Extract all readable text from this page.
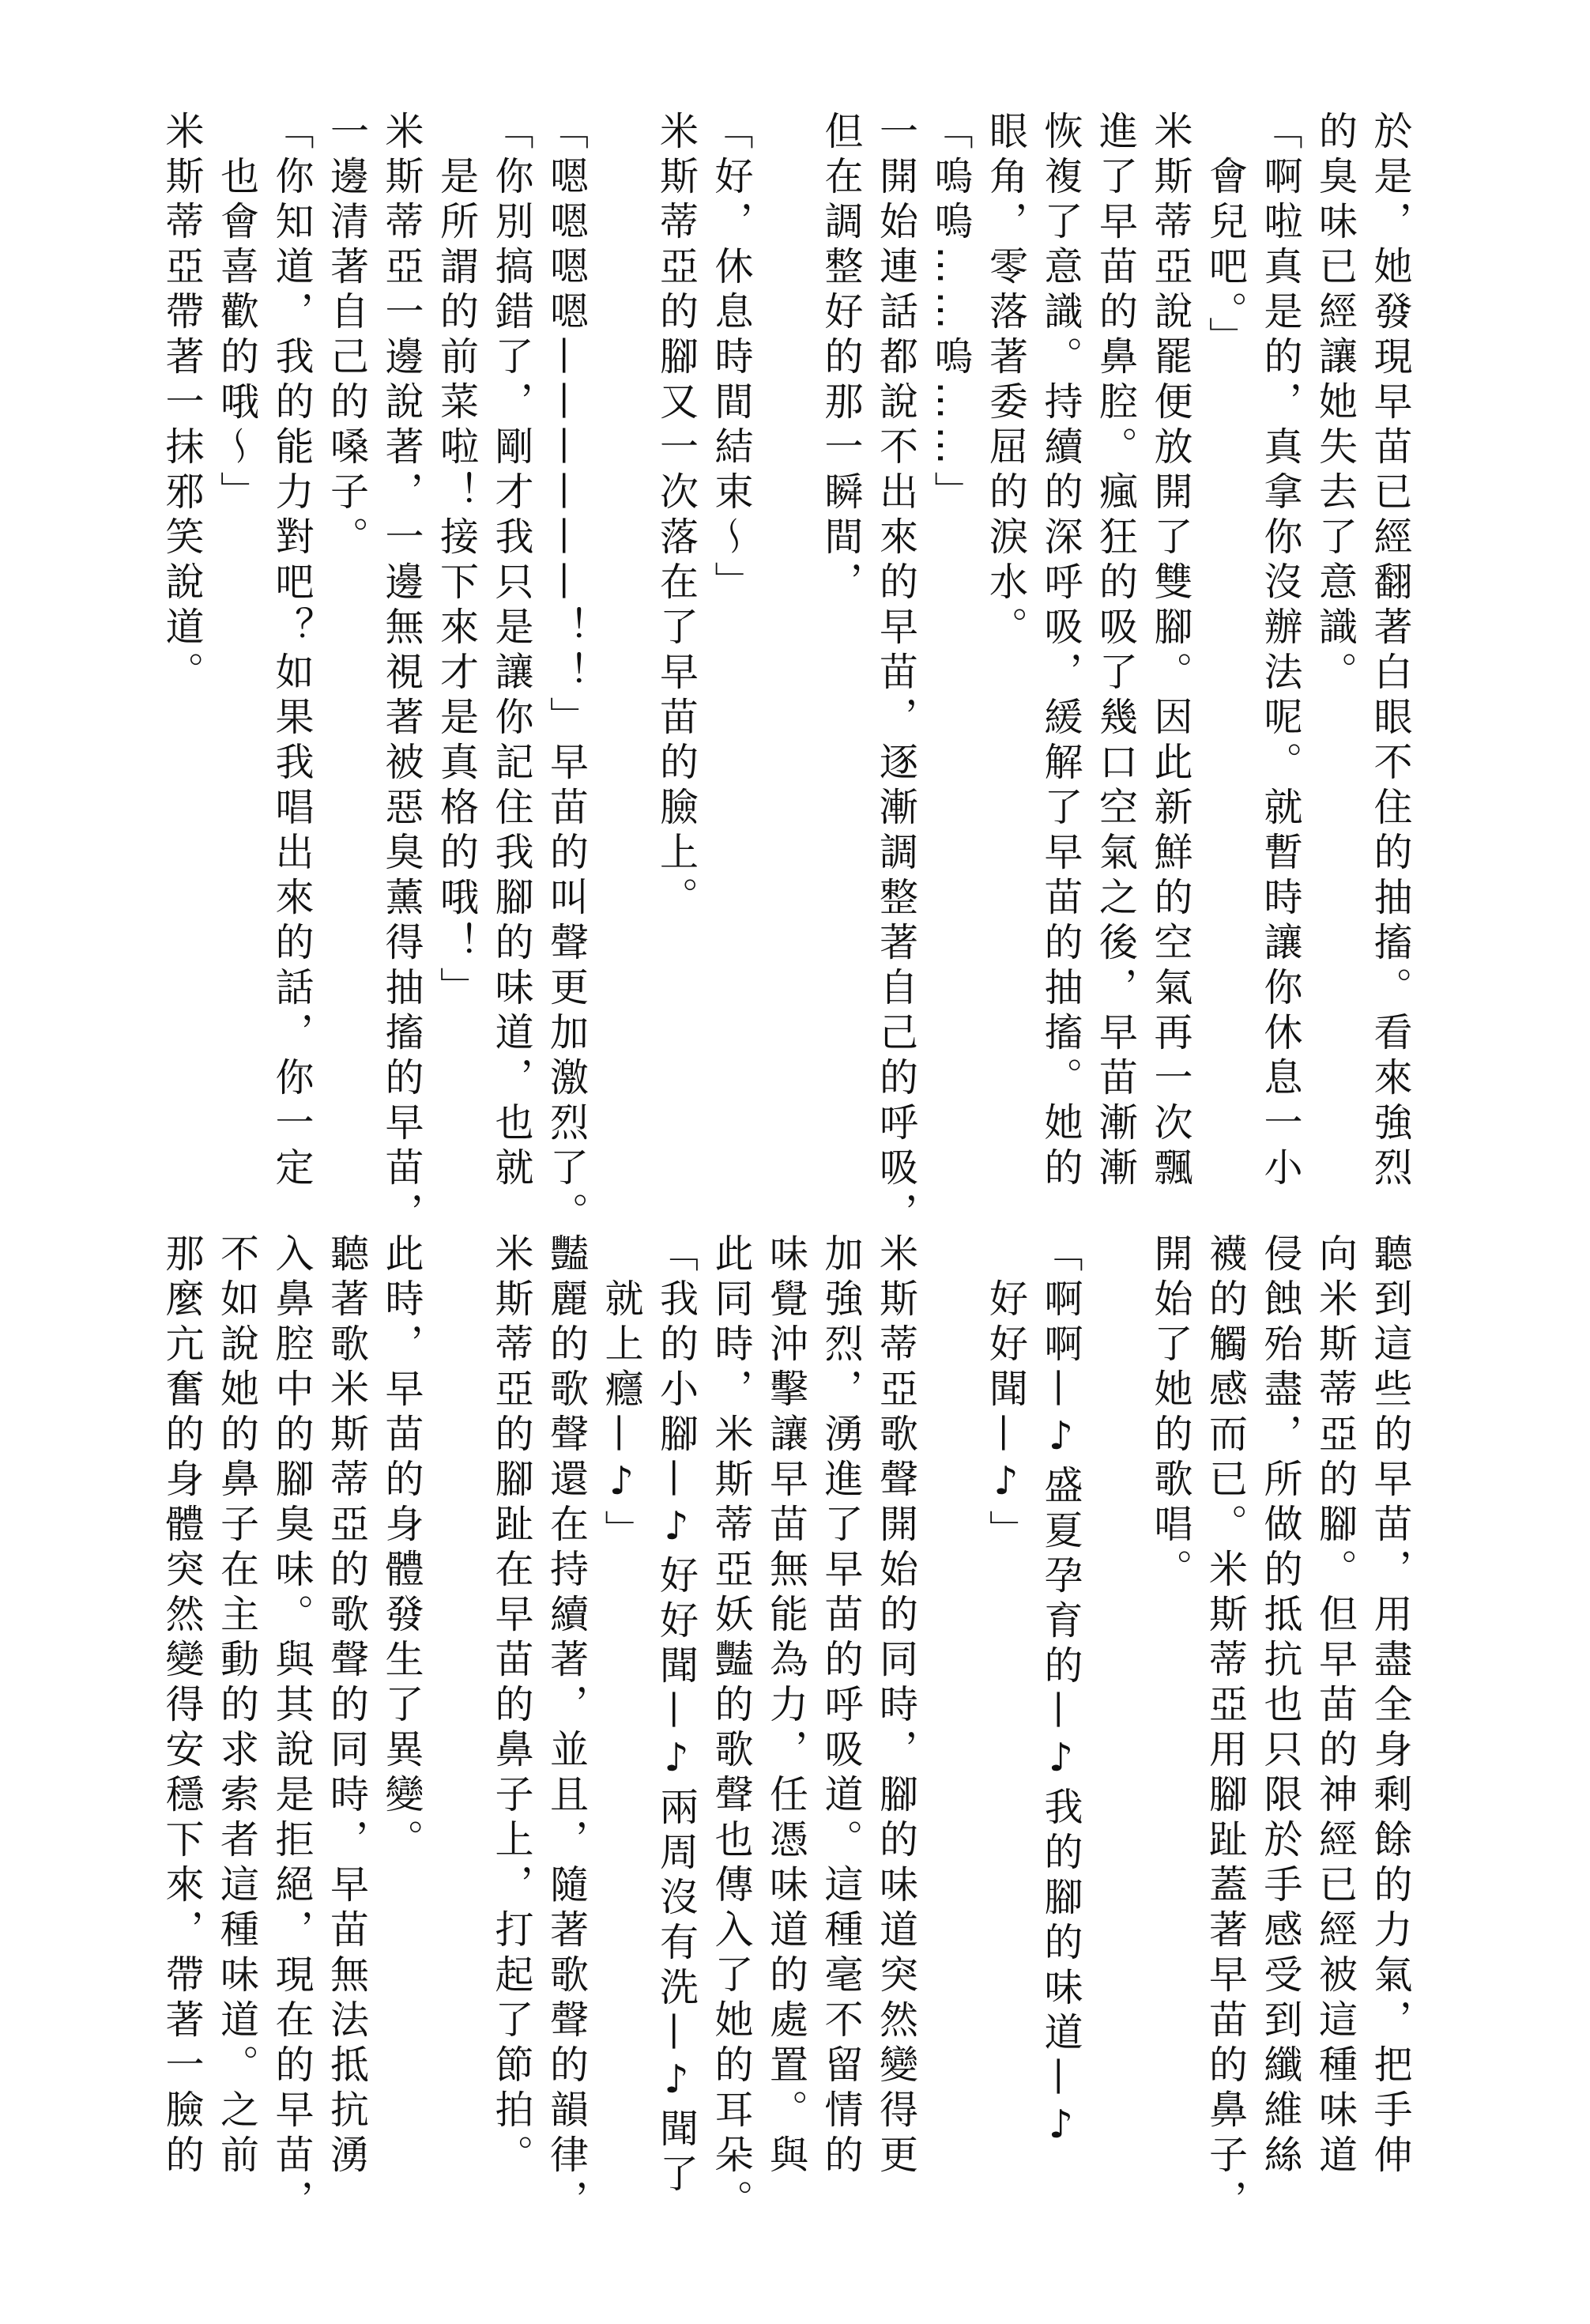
於是，她發現早苗已經翻著白眼不住的抽搐。看來強烈
的臭味已經讓她失去了意識。
「啊啦真是的，真拿你沒辦法呢。就暫時讓你休息一小
　會兒吧。」
米斯蒂亞說罷便放開了雙腳。因此新鮮的空氣再一次飄
進了早苗的鼻腔。瘋狂的吸了幾口空氣之後，早苗漸漸
恢複了意識。持續的深呼吸，緩解了早苗的抽搐。她的
眼角，零落著委屈的淚水。
「嗚嗚……嗚……」
一開始連話都說不出來的早苗，逐漸調整著自己的呼吸，
但在調整好的那一瞬間，
「好，休息時間結束～」
米斯蒂亞的腳又一次落在了早苗的臉上。
「嗯嗯嗯嗯——————！！」早苗的叫聲更加激烈了。
「你別搞錯了，剛才我只是讓你記住我腳的味道，也就
　是所謂的前菜啦！接下來才是真格的哦！」
米斯蒂亞一邊說著，一邊無視著被惡臭薰得抽搐的早苗，
一邊清著自己的嗓子。
「你知道，我的能力對吧？如果我唱出來的話，你一定
　也會喜歡的哦～」
米斯蒂亞帶著一抹邪笑說道。
聽到這些的早苗，用盡全身剩餘的力氣，把手伸
向米斯蒂亞的腳。但早苗的神經已經被這種味道
侵蝕殆盡，所做的抵抗也只限於手感受到纖維絲
襪的觸感而已。米斯蒂亞用腳趾蓋著早苗的鼻子，
開始了她的歌唱。
「啊啊—♪盛夏孕育的—♪我的腳的味道—♪
　好好聞—♪」
米斯蒂亞歌聲開始的同時，腳的味道突然變得更
加強烈，湧進了早苗的呼吸道。這種毫不留情的
味覺沖擊讓早苗無能為力，任憑味道的處置。與
此同時，米斯蒂亞妖豔的歌聲也傳入了她的耳朵。
「我的小腳—♪好好聞—♪兩周沒有洗—♪聞了
　就上癮—♪」
豔麗的歌聲還在持續著，並且，隨著歌聲的韻律，
米斯蒂亞的腳趾在早苗的鼻子上，打起了節拍。
此時，早苗的身體發生了異變。
聽著歌米斯蒂亞的歌聲的同時，早苗無法抵抗湧
入鼻腔中的腳臭味。與其說是拒絕，現在的早苗，
不如說她的鼻子在主動的求索者這種味道。之前
那麼亢奮的身體突然變得安穩下來，帶著一臉的
